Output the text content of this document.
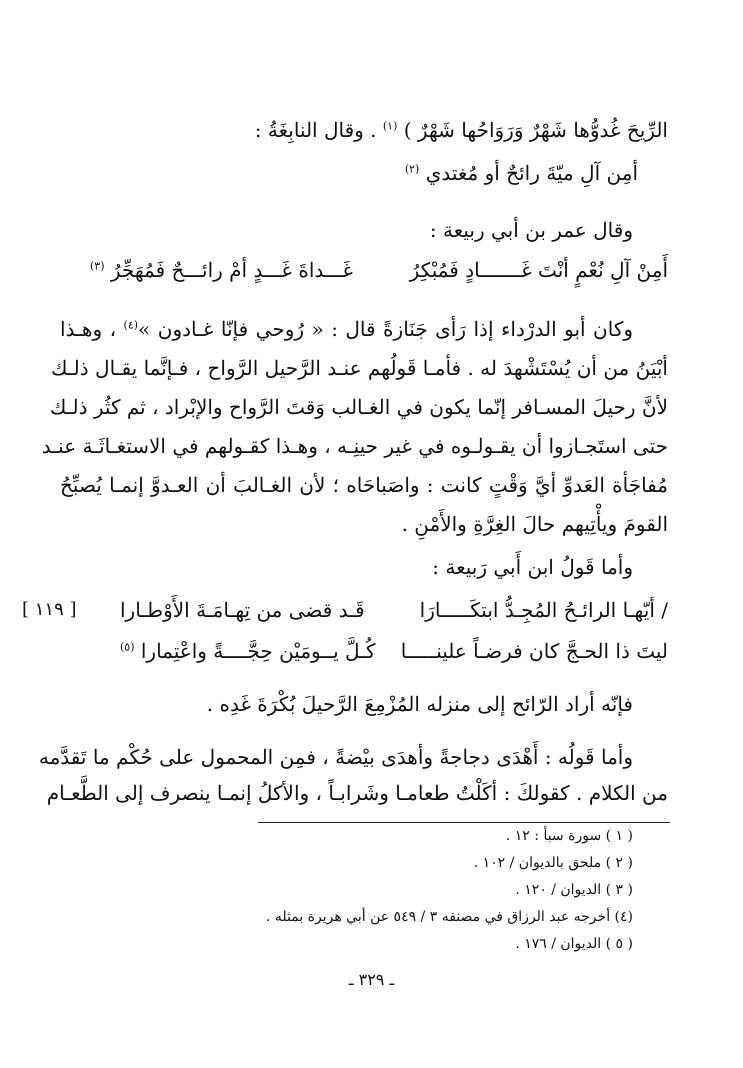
الرِّيحَ غُدوُّها شَهْرٌ وَرَوَاحُها شَهْرٌ ) $^{(١)}$ . وقال النابِغَةُ :
أمِن آلِ ميّةَ رائحٌ أو مُغتدي $^{(٢)}$
وقال عمر بن أبي ربيعة :
أَمِنْ آلِ نُعْمٍ أنْتَ غَـــــــادٍ فَمُبْكِرُ
غَـــداةَ غَـــدٍ أمْ رائـــحٌ فَمُهَجِّرُ $^{(٣)}$
وكان أبو الدرْداء إذا رَأى جَنَازةً قال : « رُوحي فإنّا غـادون »$^{(٤)}$ ، وهـذا
أبْيَنُ من أن يُسْتَشْهدَ له . فأمـا قَولُهم عنـد الرَّحيل الرَّواح ، فـإنَّما يقـال ذلـك
لأنَّ رحيلَ المسـافر إنّما يكون في الغـالب وَقتَ الرَّواح والإبْراد ، ثم كثُر ذلـك
حتى استَجـازوا أن يقـولـوه في غير حينِـه ، وهـذا كقـولهم في الاستغـاثَـة عنـد
مُفاجَأة العَدوِّ أيَّ وَقْتٍ كانت : واصَباحَاه ؛ لأن الغـالبَ أن العـدوَّ إنمـا يُصبِّحُ
القومَ ويأْتِيهم حالَ الغِرَّةِ والأَمْنِ .
وأما قَولُ ابن أَبي رَبيعة :
/ أيّهـا الرائـحُ المُجِـدُّ ابتكَـــــارَا
قَـد قضى من تِهـامَـةَ الأَوْطـارا
[ ١١٩ ]
ليتَ ذا الحـجَّ كان فرضـاً علينـــــا
كُـلَّ يــومَيْن حِجَّــــةً واعْتِمارا $^{(٥)}$
فإنّه أراد الرّائح إلى منزله المُزْمِعَ الرَّحيلَ بُكْرَةَ غَدِه .
وأما قَولُه : أَهْدَى دجاجةً وأهدَى بيْضةً ، فمِن المحمول على حُكْم ما تَقدَّمه
من الكلام . كقولكَ : أكَلْتُ طعامـا وشَرابـاً ، والأكلُ إنمـا ينصرف إلى الطَّعـام
( ١ ) سورة سبأ : ١٢ .
( ٢ ) ملحق بالديوان / ١٠٢ .
( ٣ ) الديوان / ١٢٠ .
(٤) أخرجه عبد الرزاق في مصنفه ٣ / ٥٤٩ عن أبي هريرة بمثله .
( ٥ ) الديوان / ١٧٦ .
ـ ٣٢٩ ـ
